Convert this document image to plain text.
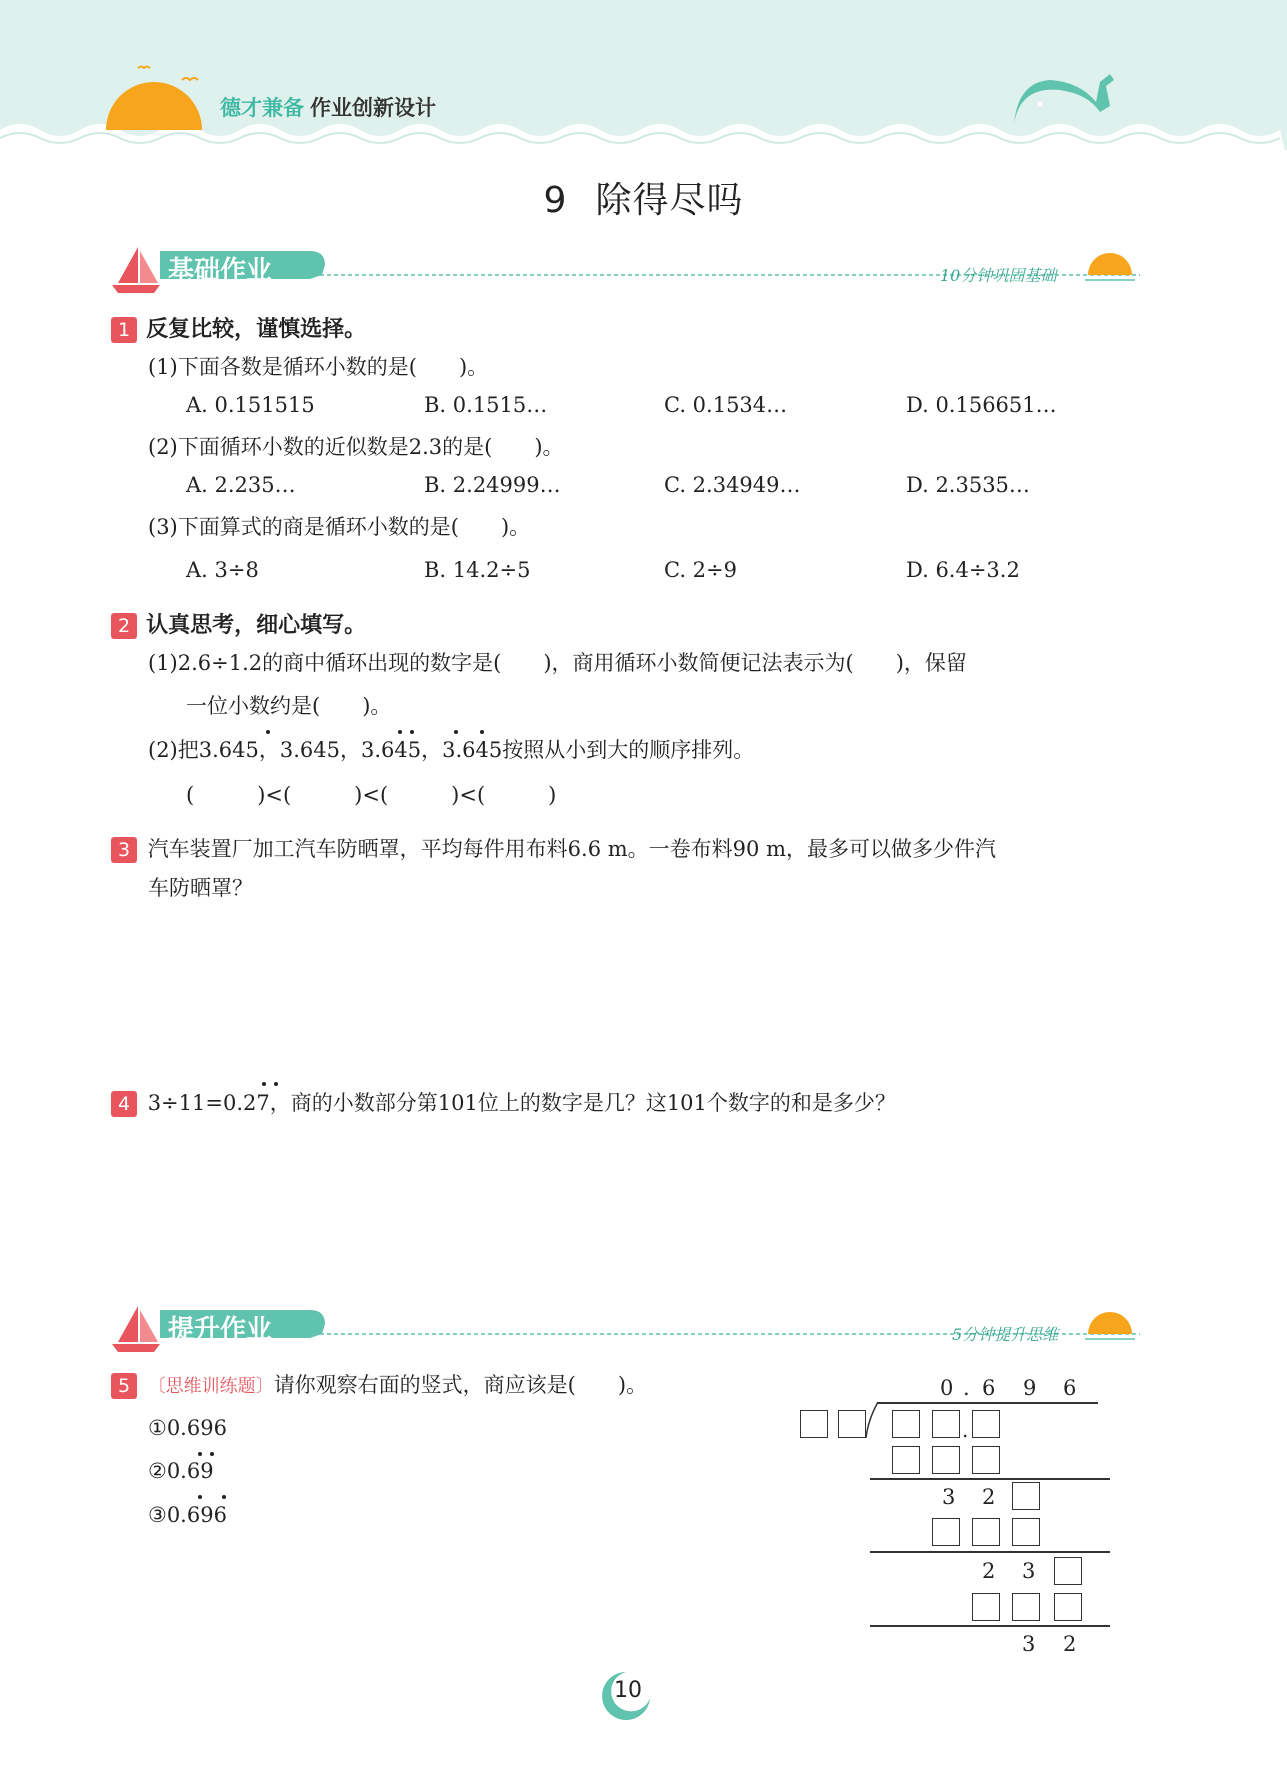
德才兼备 作业创新设计
9 除得尽吗
基础作业	10分钟巩固基础
1 反复比较，谨慎选择。
(1)下面各数是循环小数的是(　　)。
A. 0.151515	B. 0.1515…	C. 0.1534…	D. 0.156651…
(2)下面循环小数的近似数是2.3的是(　　)。
A. 2.235…	B. 2.24999…	C. 2.34949…	D. 2.3535…
(3)下面算式的商是循环小数的是(　　)。
A. 3÷8	B. 14.2÷5	C. 2÷9	D. 6.4÷3.2
2 认真思考，细心填写。
(1)2.6÷1.2的商中循环出现的数字是(　　)，商用循环小数简便记法表示为(　　)，保留
一位小数约是(　　)。
(2)把3.645，3.645，3.645，3.645按照从小到大的顺序排列。
(　　　)<(　　　)<(　　　)<(　　　)
3 汽车装置厂加工汽车防晒罩，平均每件用布料6.6 m。一卷布料90 m，最多可以做多少件汽
车防晒罩？
4 3÷11=0.27，商的小数部分第101位上的数字是几？这101个数字的和是多少？
提升作业	5分钟提升思维
5 〔思维训练题〕请你观察右面的竖式，商应该是(　　)。
①0.696
②0.69
③0.696
0 . 6 9 6
.
3 2
2 3
3 2
10
